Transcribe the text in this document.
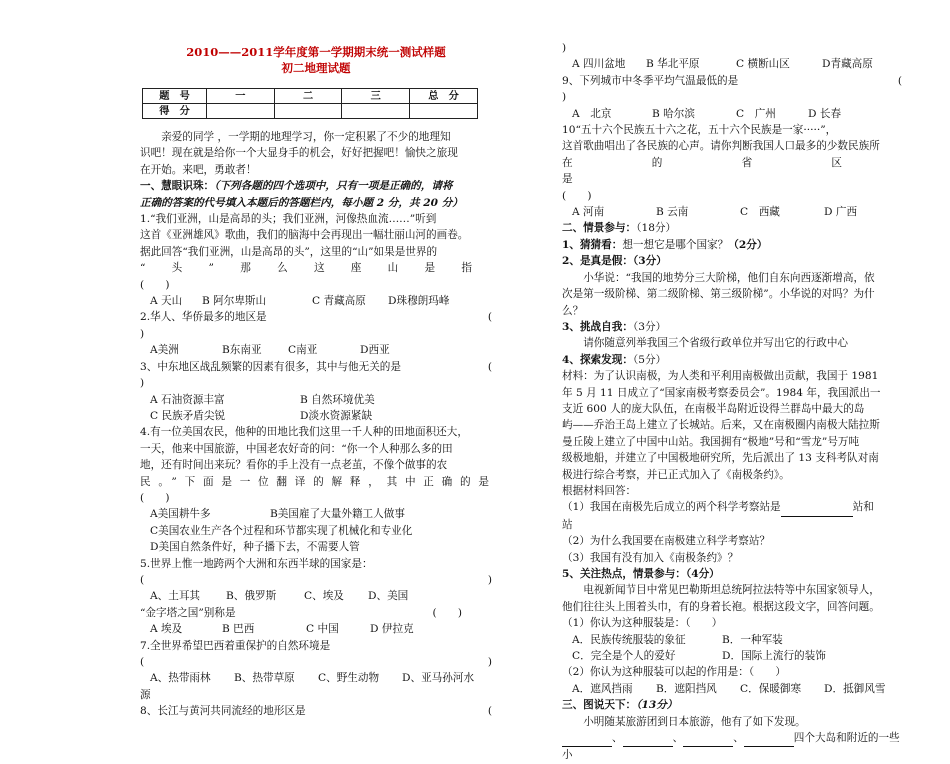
2010——2011学年度第一学期期末统一测试样题
初二地理试题
题　号	一	二	三	总　分
得　分				

亲爱的同学 ，一学期的地理学习，你一定积累了不少的地理知

识吧！现在就是给你一个大显身手的机会，好好把握吧！愉快之旅现

在开始。来吧，勇敢者！

一、慧眼识珠：（下列各题的四个选项中，只有一项是正确的，请将

正确的答案的代号填入本题后的答题栏内，每小题 2 分，共 20 分）

1.“我们亚洲，山是高昂的头；我们亚洲，河像热血流……”听到

这首《亚洲雄风》歌曲，我们的脑海中会再现出一幅壮丽山河的画卷。

据此回答“我们亚洲，山是高昂的头”，这里的“山”如果是世界的

“头”那么这座山是指

(　　)

A 天山	B 阿尔卑斯山	C 青藏高原	D珠穆朗玛峰

2.华人、华侨最多的地区是	(

)

A美洲	B东南亚	C南亚	D西亚

3、中东地区战乱频繁的因素有很多，其中与他无关的是	(

)

A 石油资源丰富	B 自然环境优美

C 民族矛盾尖锐	D淡水资源紧缺

4.有一位美国农民，他种的田地比我们这里一千人种的田地面积还大，

一天，他来中国旅游，中国老农好奇的问：“你一个人种那么多的田

地，还有时间出来玩？看你的手上没有一点老茧，不像个做事的农

民。”下面是一位翻译的解释，其中正确的是

(　　)

A美国耕牛多	B美国雇了大量外籍工人做事

C美国农业生产各个过程和环节都实现了机械化和专业化

D美国自然条件好，种子播下去，不需要人管

5.世界上惟一地跨两个大洲和东西半球的国家是：

(	)

A、土耳其	B、俄罗斯	C、埃及	D、美国

“金字塔之国”别称是	(　　)

A 埃及	B 巴西	C 中国	D 伊拉克

7.全世界希望巴西着重保护的自然环境是

(	)

A、热带雨林	B、热带草原	C、野生动物	D、亚马孙河水

源

8、长江与黄河共同流经的地形区是	(

)

A 四川盆地	B 华北平原	C 横断山区	D青藏高原

9、下列城市中冬季平均气温最低的是	(

)

A　北京	B 哈尔滨	C　广州	D 长春

10“五十六个民族五十六之花，五十六个民族是一家·····”，

这首歌曲唱出了各民族的心声。请你判断我国人口最多的少数民族所

在的省区是

(　　)

A 河南	B 云南	C　西藏	D 广西

二、情景参与：（18分）

1、猜猜看：想一想它是哪个国家？（2分）

2、是真是假：（3分）

小华说：“我国的地势分三大阶梯，他们自东向西逐渐增高，依

次是第一级阶梯、第二级阶梯、第三级阶梯”。小华说的对吗？为什

么？

3、挑战自我：（3分）

请你随意列举我国三个省级行政单位并写出它的行政中心

4、探索发现：（5分）

材料：为了认识南极，为人类和平利用南极做出贡献，我国于 1981

年 5 月 11 日成立了“国家南极考察委员会”。1984 年，我国派出一

支近 600 人的庞大队伍，在南极半岛附近设得兰群岛中最大的岛

屿——乔治王岛上建立了长城站。后来，又在南极圈内南极大陆拉斯

曼丘陵上建立了中国中山站。我国拥有“极地”号和“雪龙”号万吨

级极地船，并建立了中国极地研究所，先后派出了 13 支科考队对南

极进行综合考察，并已正式加入了《南极条约》。

根据材料回答：

（1）我国在南极先后成立的两个科学考察站是	站和

站

（2）为什么我国要在南极建立科学考察站？

（3）我国有没有加入《南极条约》？

5、关注热点，情景参与：（4分）

电视新闻节目中常见巴勒斯坦总统阿拉法特等中东国家领导人，

他们往往头上围着头巾，有的身着长袍。根据这段文字，回答问题。

（1）你认为这种服装是：（　　）

A．民族传统服装的象征	B．一种军装

C．完全是个人的爱好	D．国际上流行的装饰

（2）你认为这种服装可以起的作用是：（　　）

A．遮风挡雨	B．遮阳挡风	C．保暖御寒	D．抵御风雪

三、图说天下：（13分）

小明随某旅游团到日本旅游，他有了如下发现。

、	、	、	四个大岛和附近的一些小
